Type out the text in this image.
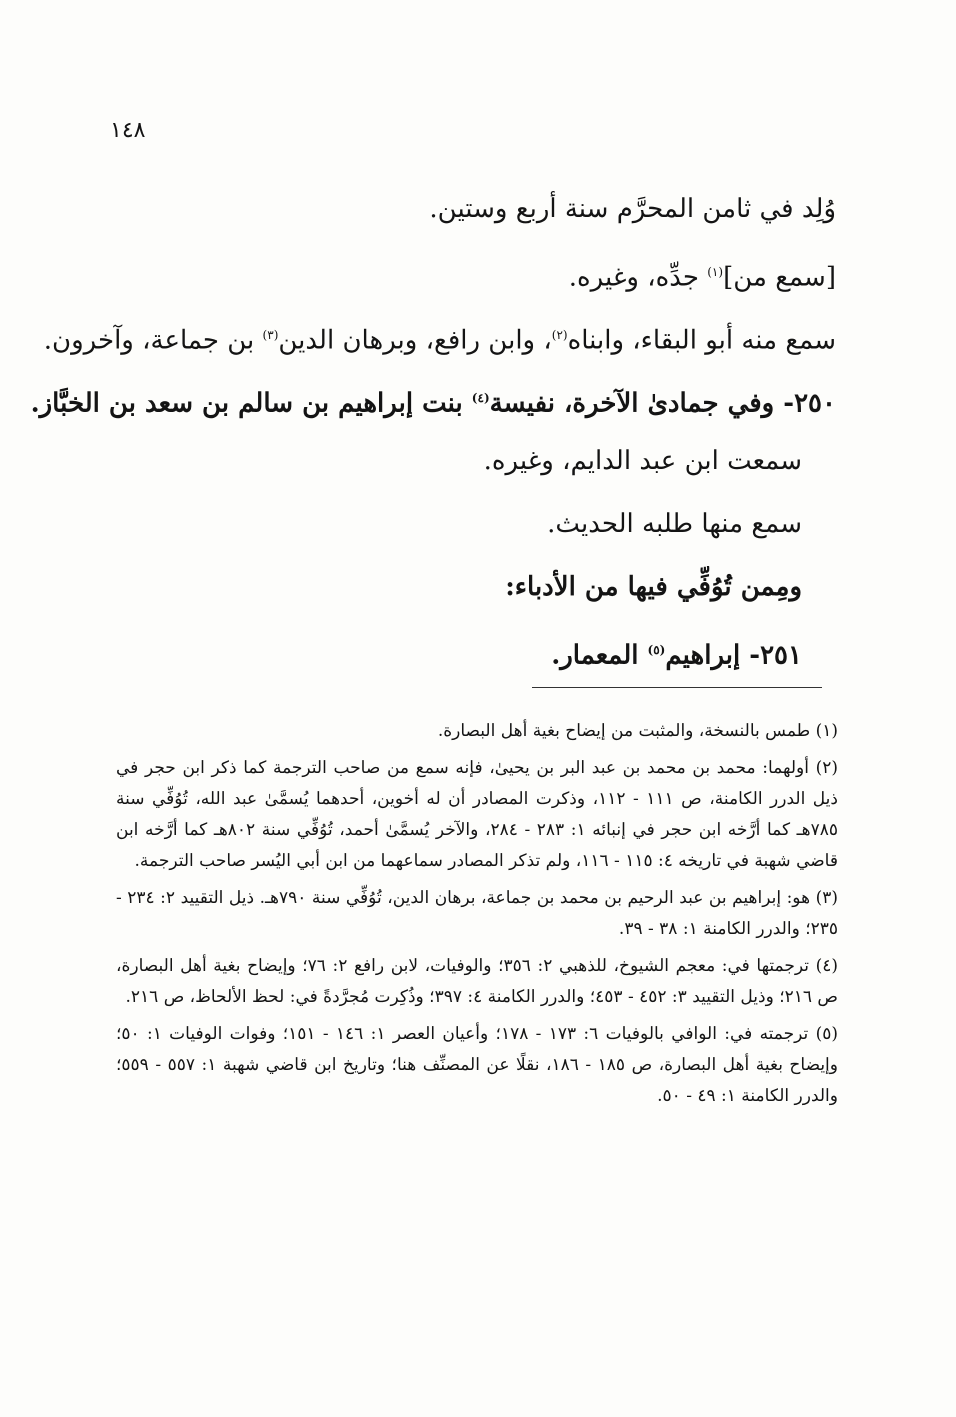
١٤٨
وُلِد في ثامن المحرَّم سنة أربع وستين.
[سمع من]$^{(١)}$ جدِّه، وغيره.
سمع منه أبو البقاء، وابناه$^{(٢)}$، وابن رافع، وبرهان الدين$^{(٣)}$ بن جماعة، وآخرون.
٢٥٠- وفي جمادىٰ الآخرة، نفيسة$^{(٤)}$ بنت إبراهيم بن سالم بن سعد بن الخبَّاز.
سمعت ابن عبد الدايم، وغيره.
سمع منها طلبه الحديث.
ومِمن تُوُفِّي فيها من الأدباء:
٢٥١- إبراهيم$^{(٥)}$ المعمار.
(١) طمس بالنسخة، والمثبت من إيضاح بغية أهل البصارة.
(٢) أولهما: محمد بن محمد بن عبد البر بن يحيىٰ، فإنه سمع من صاحب الترجمة كما ذكر ابن حجر في ذيل الدرر الكامنة، ص ١١١ - ١١٢، وذكرت المصادر أن له أخوين، أحدهما يُسمَّىٰ عبد الله، تُوُفِّي سنة ٧٨٥هـ كما أرَّخه ابن حجر في إنبائه ١: ٢٨٣ - ٢٨٤، والآخر يُسمَّىٰ أحمد، تُوُفِّي سنة ٨٠٢هـ كما أرَّخه ابن قاضي شهبة في تاريخه ٤: ١١٥ - ١١٦، ولم تذكر المصادر سماعهما من ابن أبي اليُسر صاحب الترجمة.
(٣) هو: إبراهيم بن عبد الرحيم بن محمد بن جماعة، برهان الدين، تُوُفِّي سنة ٧٩٠هـ. ذيل التقييد ٢: ٢٣٤ - ٢٣٥؛ والدرر الكامنة ١: ٣٨ - ٣٩.
(٤) ترجمتها في: معجم الشيوخ، للذهبي ٢: ٣٥٦؛ والوفيات، لابن رافع ٢: ٧٦؛ وإيضاح بغية أهل البصارة، ص ٢١٦؛ وذيل التقييد ٣: ٤٥٢ - ٤٥٣؛ والدرر الكامنة ٤: ٣٩٧؛ وذُكِرت مُجرَّدةً في: لحظ الألحاظ، ص ٢١٦.
(٥) ترجمته في: الوافي بالوفيات ٦: ١٧٣ - ١٧٨؛ وأعيان العصر ١: ١٤٦ - ١٥١؛ وفوات الوفيات ١: ٥٠؛ وإيضاح بغية أهل البصارة، ص ١٨٥ - ١٨٦، نقلًا عن المصنِّف هنا؛ وتاريخ ابن قاضي شهبة ١: ٥٥٧ - ٥٥٩؛ والدرر الكامنة ١: ٤٩ - ٥٠.
